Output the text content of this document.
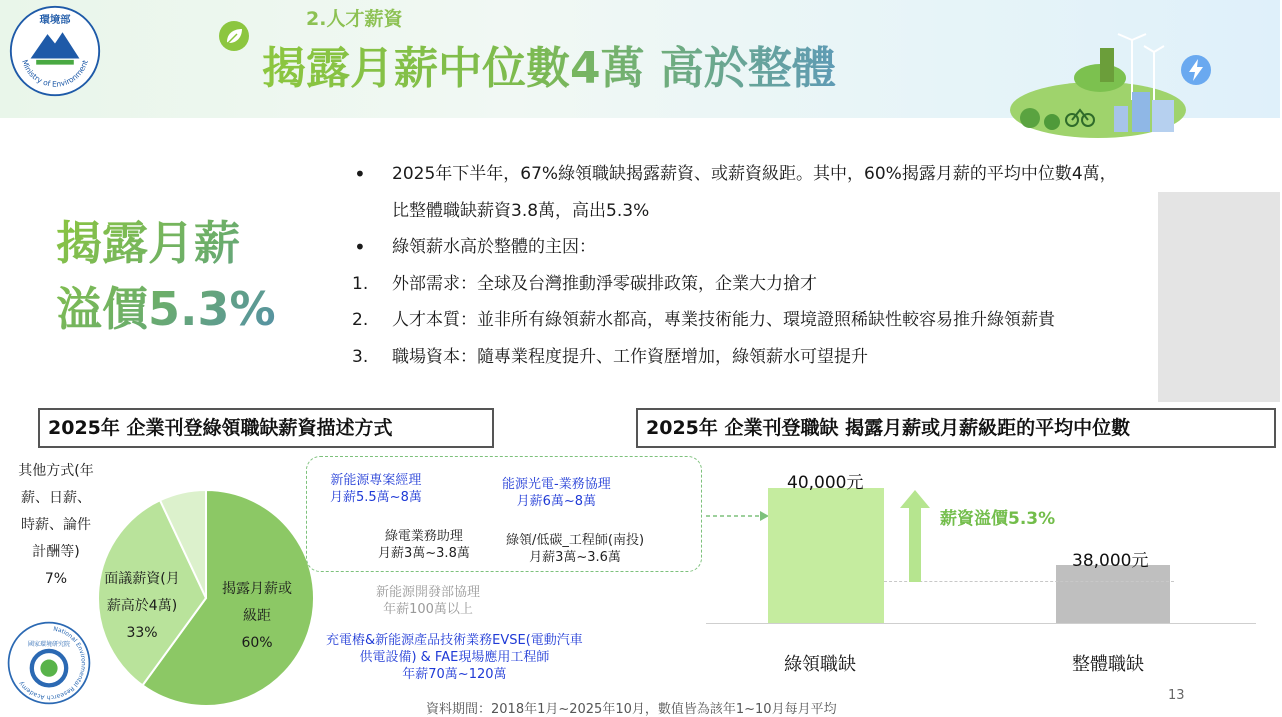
環境部
Ministry of Environment
2.人才薪資
揭露月薪中位數4萬 高於整體
揭露月薪
溢價5.3%
•	2025年下半年，67%綠領職缺揭露薪資、或薪資級距。其中，60%揭露月薪的平均中位數4萬，
比整體職缺薪資3.8萬，高出5.3%
•	綠領薪水高於整體的主因：
1.	外部需求：全球及台灣推動淨零碳排政策，企業大力搶才
2.	人才本質：並非所有綠領薪水都高，專業技術能力、環境證照稀缺性較容易推升綠領薪貴
3.	職場資本：隨專業程度提升、工作資歷增加，綠領薪水可望提升
2025年 企業刊登綠領職缺薪資描述方式	2025年 企業刊登職缺 揭露月薪或月薪級距的平均中位數
其他方式(年
薪、日薪、
時薪、論件
計酬等)
7%	面議薪資(月
薪高於4萬)
33%
揭露月薪或
級距
60%
National Environmental Research Academy
國家環境研究院
新能源專案經理
月薪5.5萬~8萬
能源光電-業務協理
月薪6萬~8萬
綠電業務助理
月薪3萬~3.8萬
綠領/低碳_工程師(南投)
月薪3萬~3.6萬
新能源開發部協理
年薪100萬以上
充電樁&新能源產品技術業務EVSE(電動汽車
供電設備) & FAE現場應用工程師
年薪70萬~120萬
薪資溢價5.3%
40,000元
38,000元
綠領職缺	整體職缺
13
資料期間：2018年1月~2025年10月，數值皆為該年1~10月每月平均
